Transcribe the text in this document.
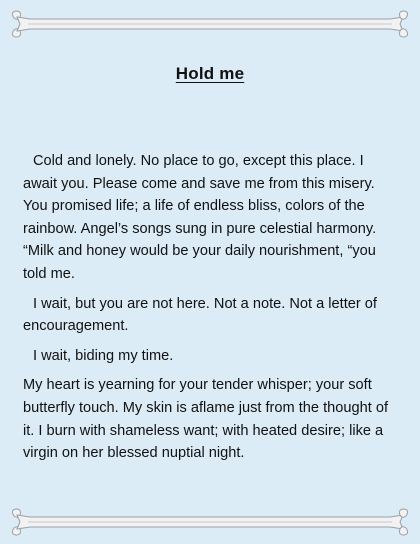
Hold me

Cold and lonely. No place to go, except this place. I await you. Please come and save me from this misery. You promised life; a life of endless bliss, colors of the rainbow. Angel’s songs sung in pure celestial harmony. “Milk and honey would be your daily nourishment, “you told me.

I wait, but you are not here. Not a note. Not a letter of encouragement.

I wait, biding my time.

My heart is yearning for your tender whisper; your soft butterfly touch. My skin is aflame just from the thought of it. I burn with shameless want; with heated desire; like a virgin on her blessed nuptial night.
